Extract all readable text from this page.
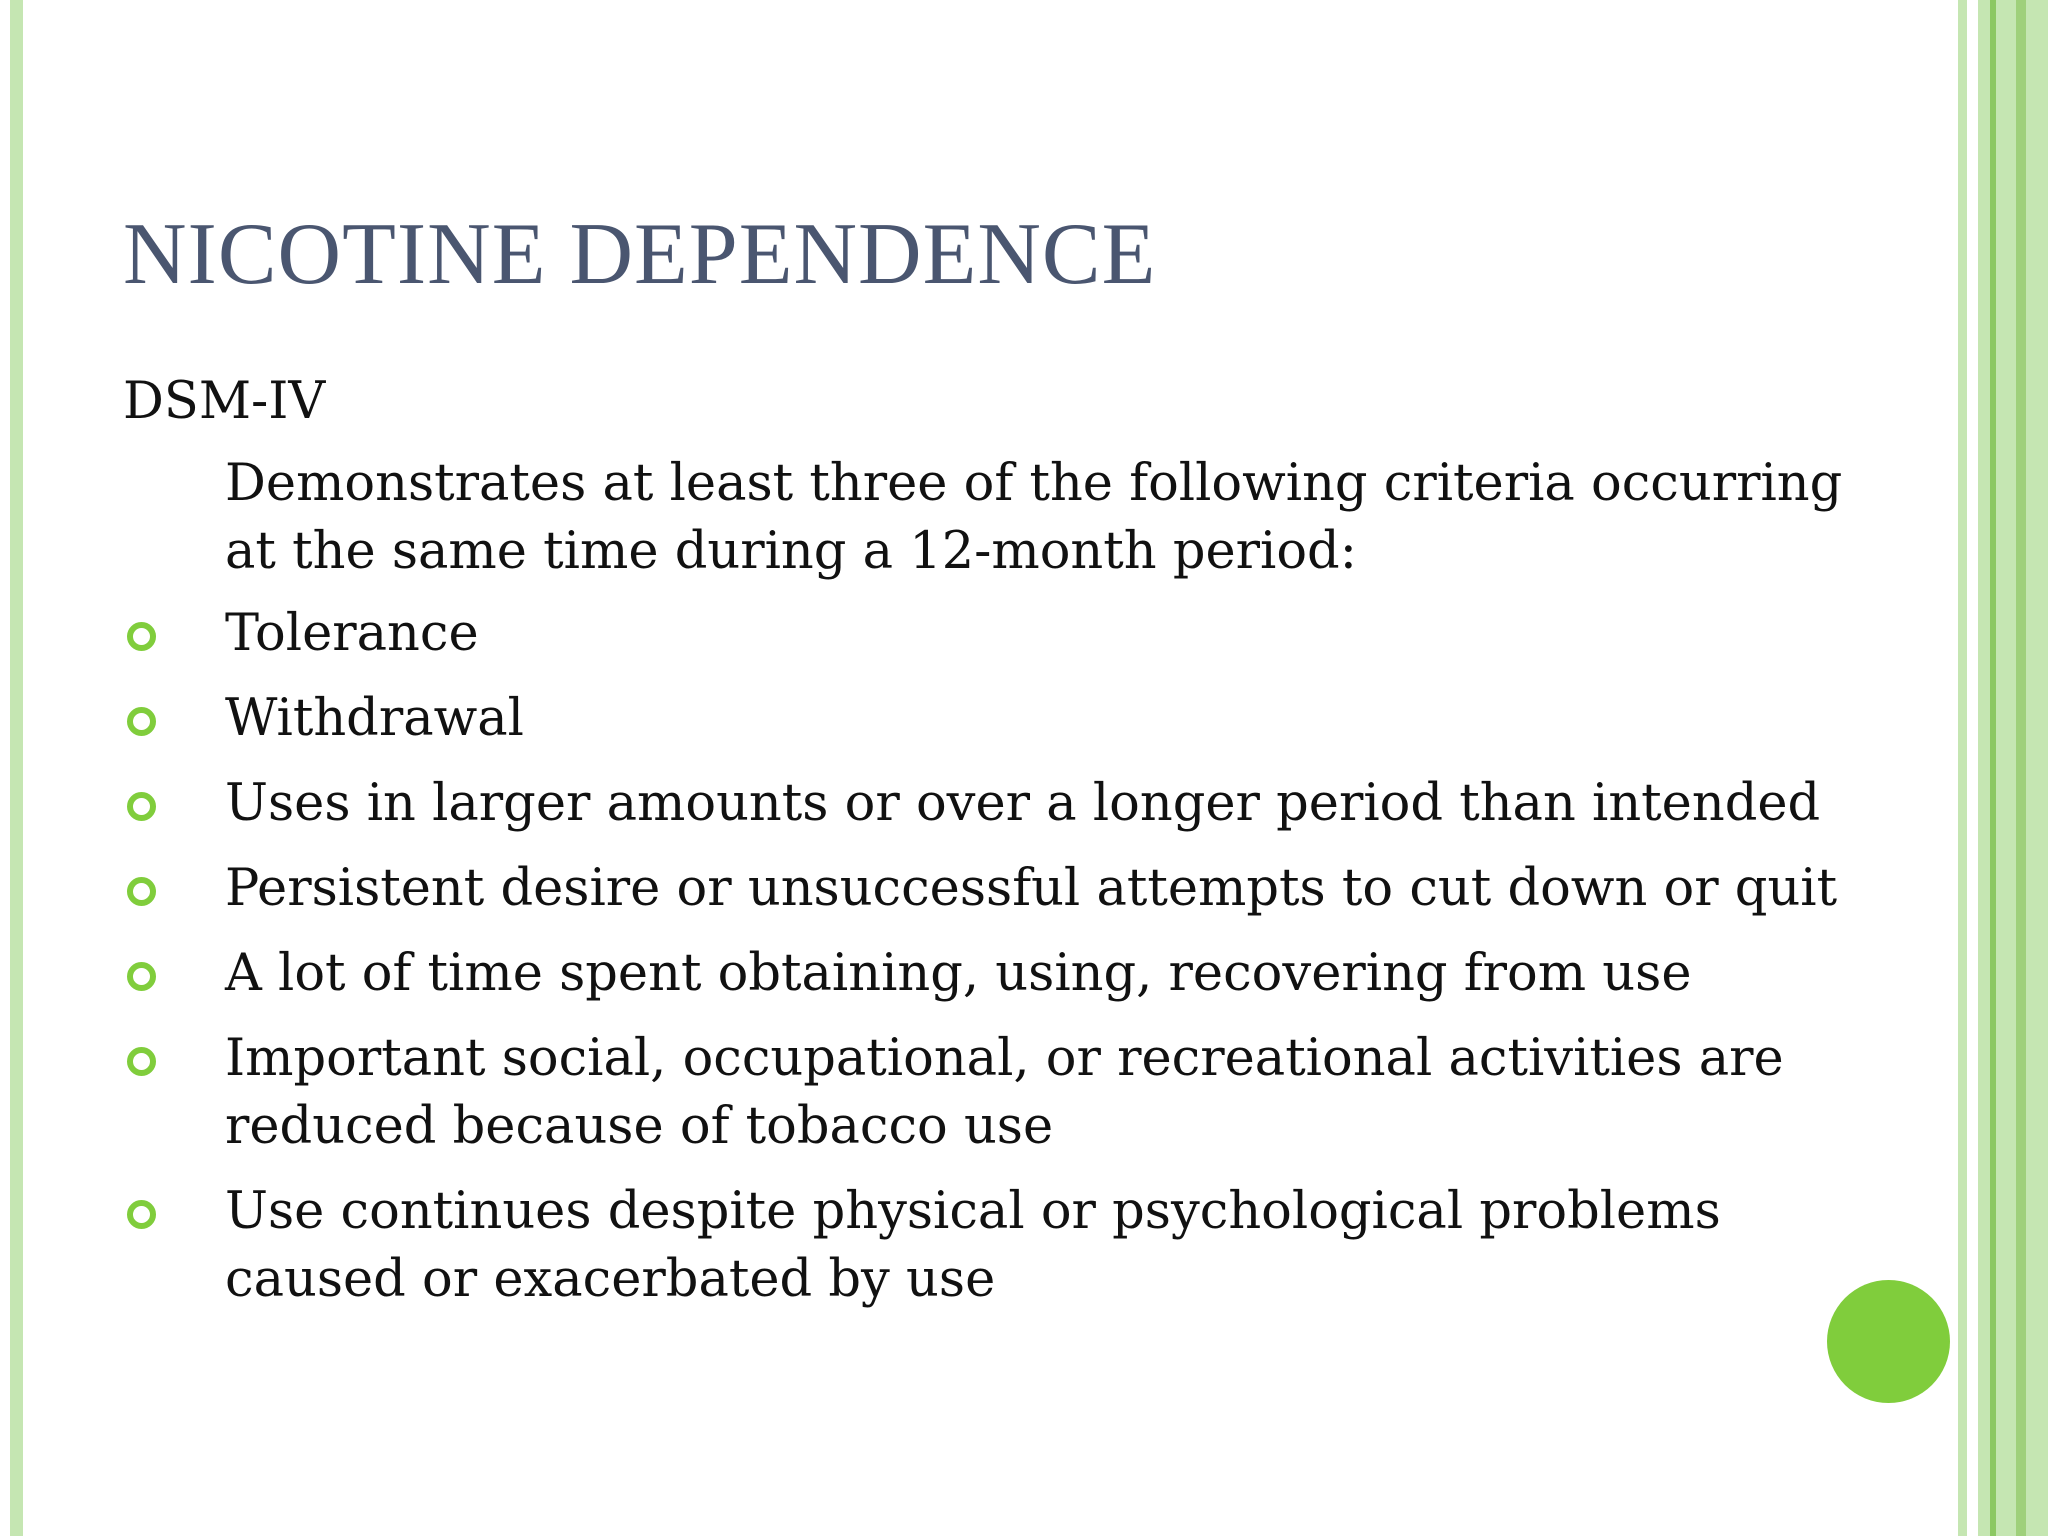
NICOTINE DEPENDENCE

DSM-IV

Demonstrates at least three of the following criteria occurring at the same time during a 12-month period:

Tolerance
Withdrawal
Uses in larger amounts or over a longer period than intended
Persistent desire or unsuccessful attempts to cut down or quit
A lot of time spent obtaining, using, recovering from use
Important social, occupational, or recreational activities are reduced because of tobacco use
Use continues despite physical or psychological problems caused or exacerbated by use
